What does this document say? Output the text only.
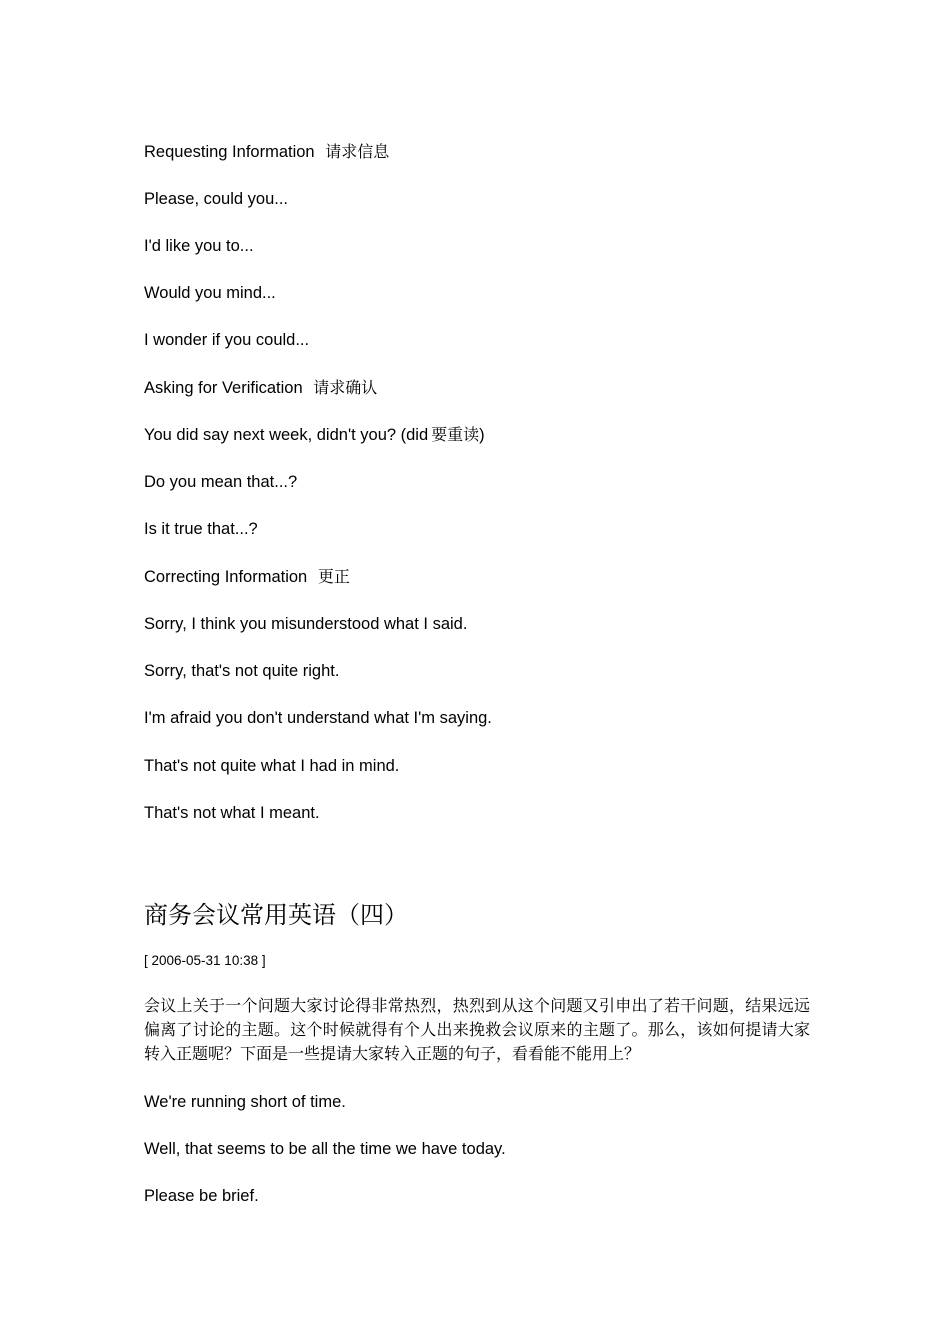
Requesting Information 请求信息
Please, could you...
I'd like you to...
Would you mind...
I wonder if you could...
Asking for Verification 请求确认
You did say next week, didn't you? (did 要重读)
Do you mean that...?
Is it true that...?
Correcting Information 更正
Sorry, I think you misunderstood what I said.
Sorry, that's not quite right.
I'm afraid you don't understand what I'm saying.
That's not quite what I had in mind.
That's not what I meant.
商务会议常用英语（四）
[ 2006-05-31 10:38 ]
会议上关于一个问题大家讨论得非常热烈，热烈到从这个问题又引申出了若干问题，结果远远偏离了讨论的主题。这个时候就得有个人出来挽救会议原来的主题了。那么，该如何提请大家转入正题呢？下面是一些提请大家转入正题的句子，看看能不能用上？
We're running short of time.
Well, that seems to be all the time we have today.
Please be brief.
